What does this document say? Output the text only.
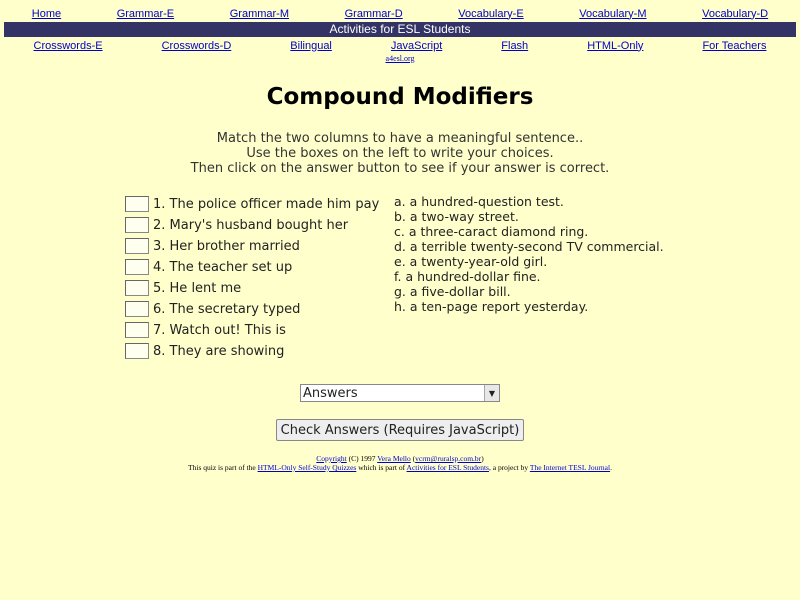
Home	Grammar-E	Grammar-M	Grammar-D	Vocabulary-E	Vocabulary-M	Vocabulary-D
Activities for ESL Students
Crosswords-E	Crosswords-D	Bilingual	JavaScript	Flash	HTML-Only	For Teachers
a4esl.org
Compound Modifiers
Match the two columns to have a meaningful sentence..
Use the boxes on the left to write your choices.
Then click on the answer button to see if your answer is correct.
1. The police officer made him pay
2. Mary's husband bought her
3. Her brother married
4. The teacher set up
5. He lent me
6. The secretary typed
7. Watch out! This is
8. They are showing
a. a hundred-question test.
b. a two-way street.
c. a three-caract diamond ring.
d. a terrible twenty-second TV commercial.
e. a twenty-year-old girl.
f. a hundred-dollar fine.
g. a five-dollar bill.
h. a ten-page report yesterday.
Answers	▼
Check Answers (Requires JavaScript)
Copyright (C) 1997 Vera Mello (vcrm@ruralsp.com.br)
This quiz is part of the HTML-Only Self-Study Quizzes which is part of Activities for ESL Students, a project by The Internet TESL Journal.
